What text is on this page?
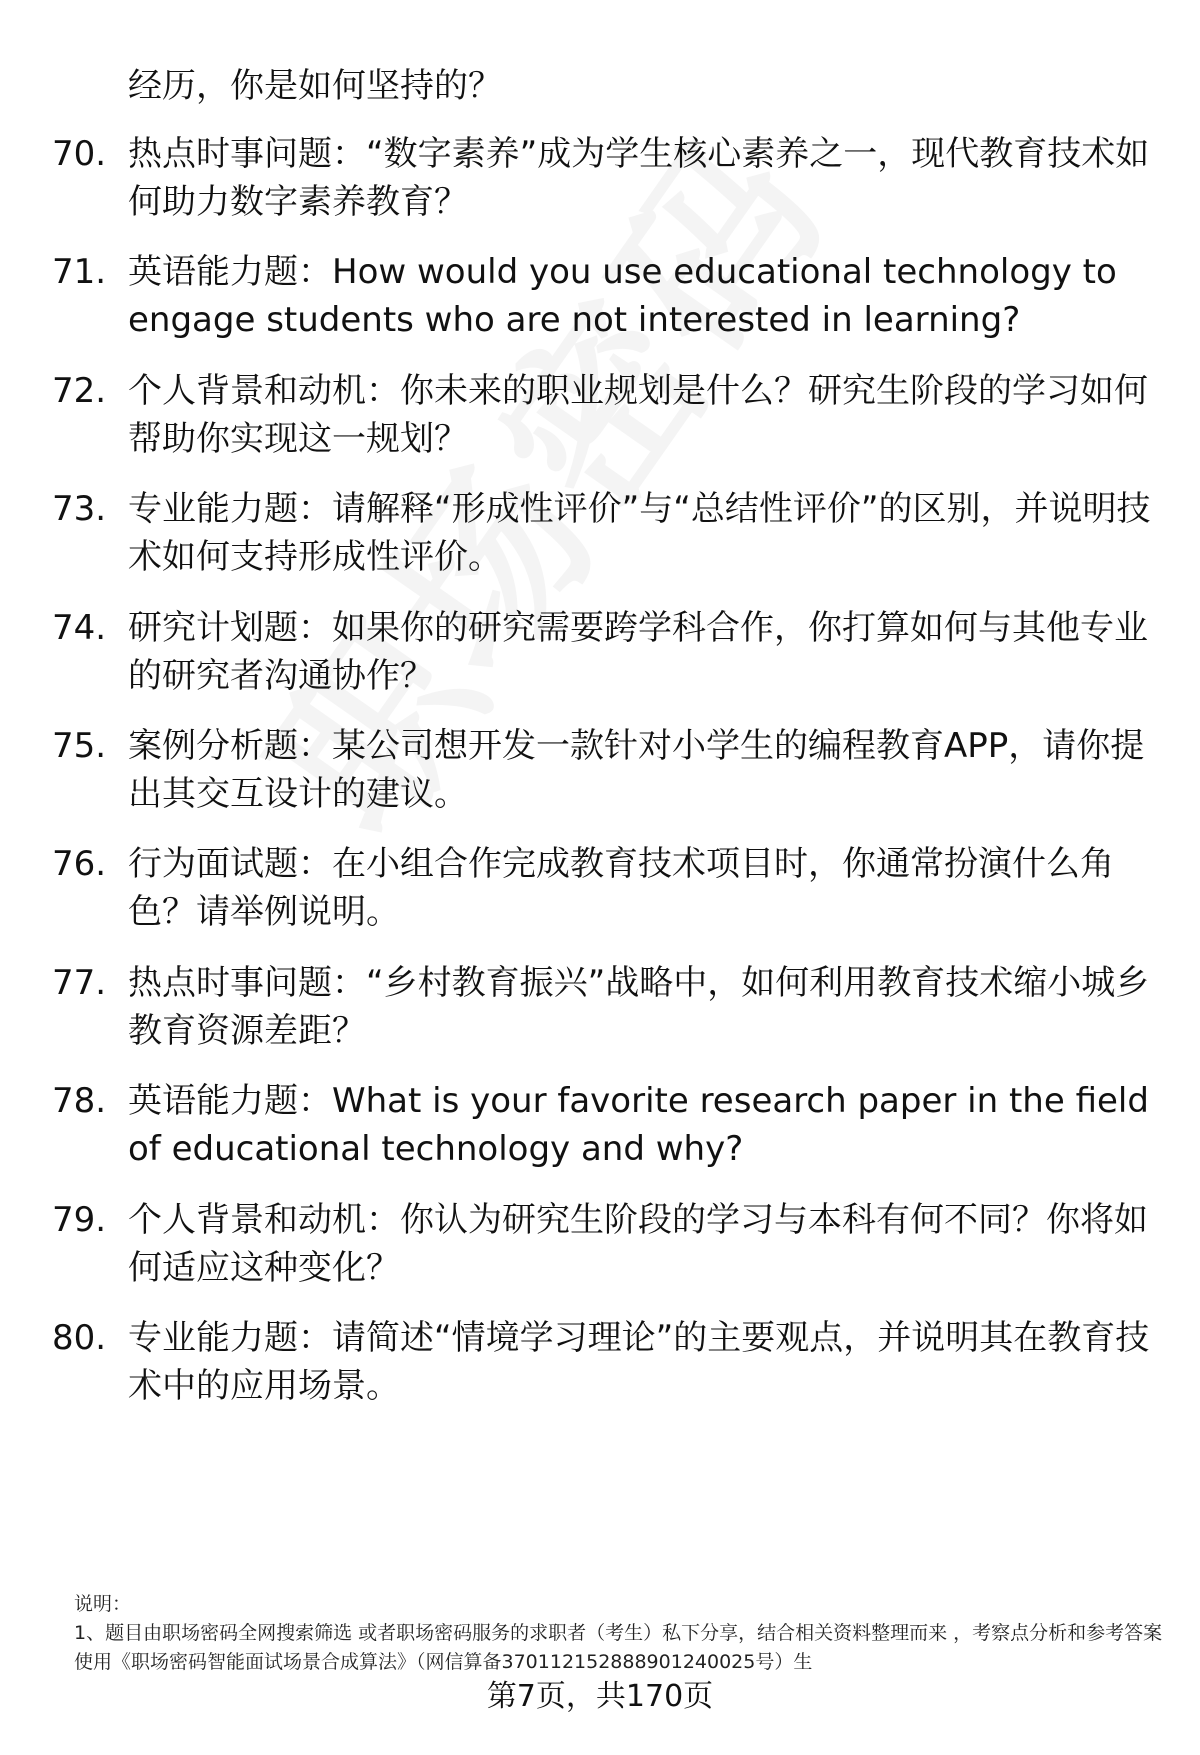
经历，你是如何坚持的？
70. 热点时事问题：“数字素养”成为学生核心素养之一，现代教育技术如何助力数字素养教育？
71. 英语能力题：How would you use educational technology to engage students who are not interested in learning?
72. 个人背景和动机：你未来的职业规划是什么？研究生阶段的学习如何帮助你实现这一规划？
73. 专业能力题：请解释“形成性评价”与“总结性评价”的区别，并说明技术如何支持形成性评价。
74. 研究计划题：如果你的研究需要跨学科合作，你打算如何与其他专业的研究者沟通协作？
75. 案例分析题：某公司想开发一款针对小学生的编程教育APP，请你提出其交互设计的建议。
76. 行为面试题：在小组合作完成教育技术项目时，你通常扮演什么角色？请举例说明。
77. 热点时事问题：“乡村教育振兴”战略中，如何利用教育技术缩小城乡教育资源差距？
78. 英语能力题：What is your favorite research paper in the field of educational technology and why?
79. 个人背景和动机：你认为研究生阶段的学习与本科有何不同？你将如何适应这种变化？
80. 专业能力题：请简述“情境学习理论”的主要观点，并说明其在教育技术中的应用场景。
说明：
1、题目由职场密码全网搜索筛选 或者职场密码服务的求职者（考生）私下分享，结合相关资料整理而来 ，考察点分析和参考答案使用《职场密码智能面试场景合成算法》（网信算备370112152888901240025号）生
第7页，共170页
